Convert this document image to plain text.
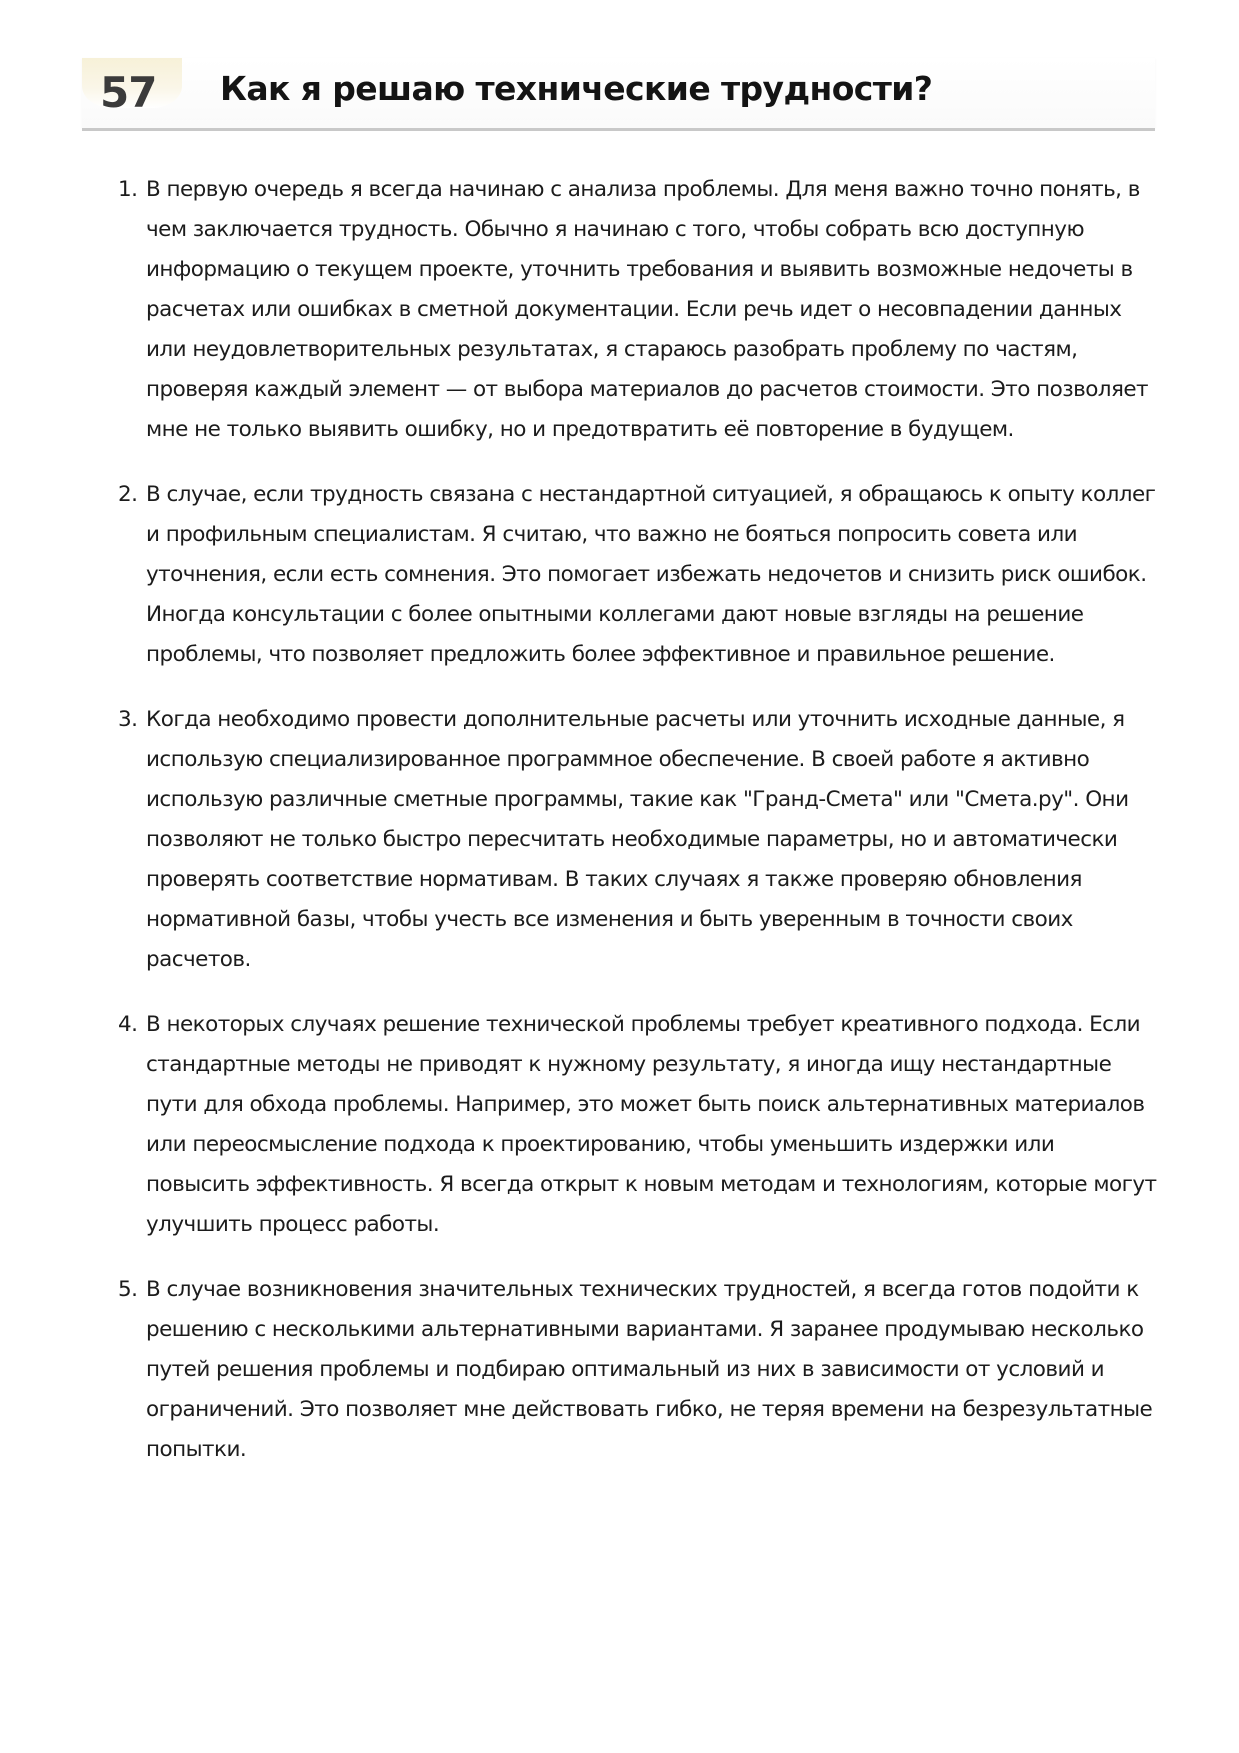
57 Как я решаю технические трудности?
1. В первую очередь я всегда начинаю с анализа проблемы. Для меня важно точно понять, в чем заключается трудность. Обычно я начинаю с того, чтобы собрать всю доступную информацию о текущем проекте, уточнить требования и выявить возможные недочеты в расчетах или ошибках в сметной документации. Если речь идет о несовпадении данных или неудовлетворительных результатах, я стараюсь разобрать проблему по частям, проверяя каждый элемент — от выбора материалов до расчетов стоимости. Это позволяет мне не только выявить ошибку, но и предотвратить её повторение в будущем.
2. В случае, если трудность связана с нестандартной ситуацией, я обращаюсь к опыту коллег и профильным специалистам. Я считаю, что важно не бояться попросить совета или уточнения, если есть сомнения. Это помогает избежать недочетов и снизить риск ошибок. Иногда консультации с более опытными коллегами дают новые взгляды на решение проблемы, что позволяет предложить более эффективное и правильное решение.
3. Когда необходимо провести дополнительные расчеты или уточнить исходные данные, я использую специализированное программное обеспечение. В своей работе я активно использую различные сметные программы, такие как "Гранд-Смета" или "Смета.ру". Они позволяют не только быстро пересчитать необходимые параметры, но и автоматически проверять соответствие нормативам. В таких случаях я также проверяю обновления нормативной базы, чтобы учесть все изменения и быть уверенным в точности своих расчетов.
4. В некоторых случаях решение технической проблемы требует креативного подхода. Если стандартные методы не приводят к нужному результату, я иногда ищу нестандартные пути для обхода проблемы. Например, это может быть поиск альтернативных материалов или переосмысление подхода к проектированию, чтобы уменьшить издержки или повысить эффективность. Я всегда открыт к новым методам и технологиям, которые могут улучшить процесс работы.
5. В случае возникновения значительных технических трудностей, я всегда готов подойти к решению с несколькими альтернативными вариантами. Я заранее продумываю несколько путей решения проблемы и подбираю оптимальный из них в зависимости от условий и ограничений. Это позволяет мне действовать гибко, не теряя времени на безрезультатные попытки.
